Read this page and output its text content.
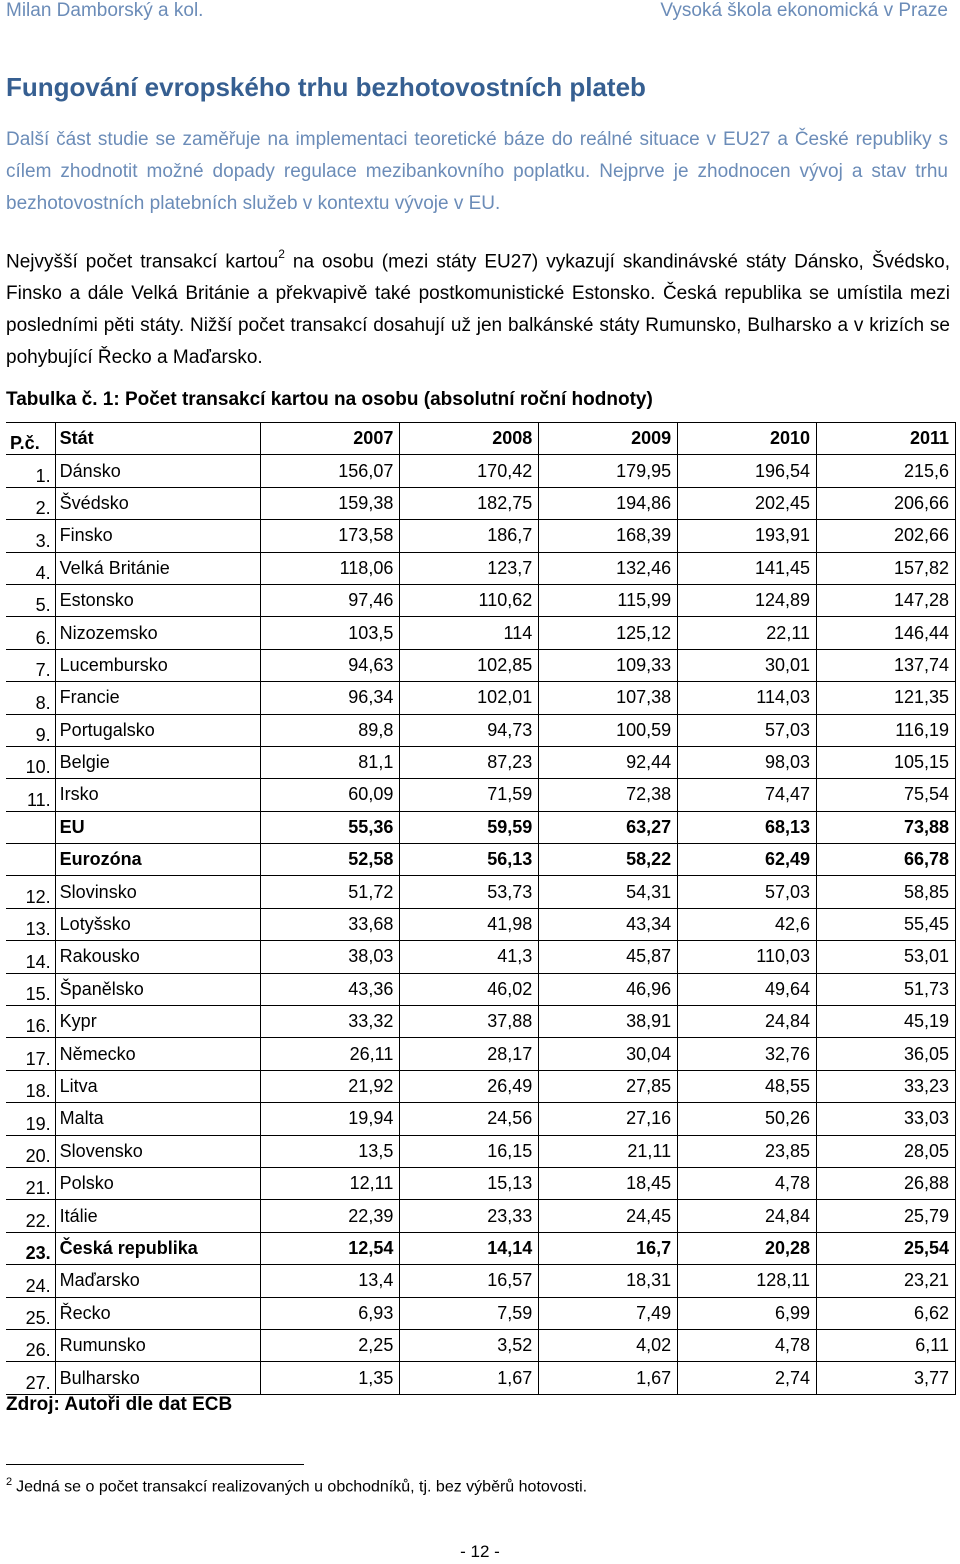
Milan Damborský a kol.	Vysoká škola ekonomická v Praze
Fungování evropského trhu bezhotovostních plateb
Další část studie se zaměřuje na implementaci teoretické báze do reálné situace v EU27 a České republiky s cílem zhodnotit možné dopady regulace mezibankovního poplatku. Nejprve je zhodnocen vývoj a stav trhu bezhotovostních platebních služeb v kontextu vývoje v EU.
Nejvyšší počet transakcí kartou$^2$ na osobu (mezi státy EU27) vykazují skandinávské státy Dánsko, Švédsko, Finsko a dále Velká Británie a překvapivě také postkomunistické Estonsko. Česká republika se umístila mezi posledními pěti státy. Nižší počet transakcí dosahují už jen balkánské státy Rumunsko, Bulharsko a v krizích se pohybující Řecko a Maďarsko.
Tabulka č. 1: Počet transakcí kartou na osobu (absolutní roční hodnoty)
P.č.	Stát	2007	2008	2009	2010	2011
1.	Dánsko	156,07	170,42	179,95	196,54	215,6
2.	Švédsko	159,38	182,75	194,86	202,45	206,66
3.	Finsko	173,58	186,7	168,39	193,91	202,66
4.	Velká Británie	118,06	123,7	132,46	141,45	157,82
5.	Estonsko	97,46	110,62	115,99	124,89	147,28
6.	Nizozemsko	103,5	114	125,12	22,11	146,44
7.	Lucembursko	94,63	102,85	109,33	30,01	137,74
8.	Francie	96,34	102,01	107,38	114,03	121,35
9.	Portugalsko	89,8	94,73	100,59	57,03	116,19
10.	Belgie	81,1	87,23	92,44	98,03	105,15
11.	Irsko	60,09	71,59	72,38	74,47	75,54
	EU	55,36	59,59	63,27	68,13	73,88
	Eurozóna	52,58	56,13	58,22	62,49	66,78
12.	Slovinsko	51,72	53,73	54,31	57,03	58,85
13.	Lotyšsko	33,68	41,98	43,34	42,6	55,45
14.	Rakousko	38,03	41,3	45,87	110,03	53,01
15.	Španělsko	43,36	46,02	46,96	49,64	51,73
16.	Kypr	33,32	37,88	38,91	24,84	45,19
17.	Německo	26,11	28,17	30,04	32,76	36,05
18.	Litva	21,92	26,49	27,85	48,55	33,23
19.	Malta	19,94	24,56	27,16	50,26	33,03
20.	Slovensko	13,5	16,15	21,11	23,85	28,05
21.	Polsko	12,11	15,13	18,45	4,78	26,88
22.	Itálie	22,39	23,33	24,45	24,84	25,79
23.	Česká republika	12,54	14,14	16,7	20,28	25,54
24.	Maďarsko	13,4	16,57	18,31	128,11	23,21
25.	Řecko	6,93	7,59	7,49	6,99	6,62
26.	Rumunsko	2,25	3,52	4,02	4,78	6,11
27.	Bulharsko	1,35	1,67	1,67	2,74	3,77
Zdroj: Autoři dle dat ECB
$^2$ Jedná se o počet transakcí realizovaných u obchodníků, tj. bez výběrů hotovosti.
- 12 -
